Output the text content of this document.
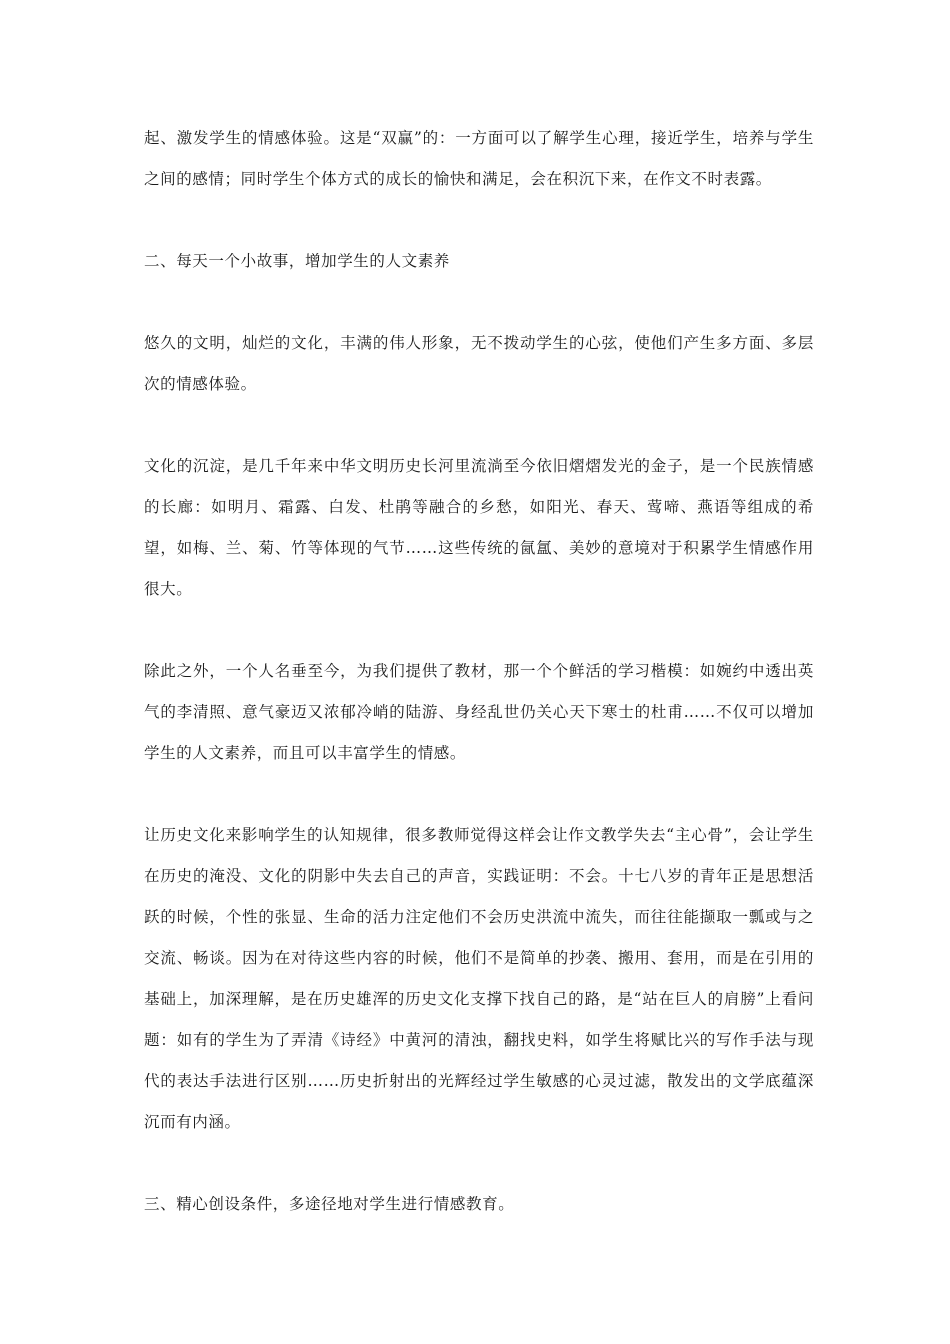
起、激发学生的情感体验。这是“双赢”的：一方面可以了解学生心理，接近学生，培养与学生之间的感情；同时学生个体方式的成长的愉快和满足，会在积沉下来，在作文不时表露。

二、每天一个小故事，增加学生的人文素养

悠久的文明，灿烂的文化，丰满的伟人形象，无不拨动学生的心弦，使他们产生多方面、多层次的情感体验。

文化的沉淀，是几千年来中华文明历史长河里流淌至今依旧熠熠发光的金子，是一个民族情感的长廊：如明月、霜露、白发、杜鹃等融合的乡愁，如阳光、春天、莺啼、燕语等组成的希望，如梅、兰、菊、竹等体现的气节……这些传统的氤氲、美妙的意境对于积累学生情感作用很大。

除此之外，一个人名垂至今，为我们提供了教材，那一个个鲜活的学习楷模：如婉约中透出英气的李清照、意气豪迈又浓郁冷峭的陆游、身经乱世仍关心天下寒士的杜甫……不仅可以增加学生的人文素养，而且可以丰富学生的情感。

让历史文化来影响学生的认知规律，很多教师觉得这样会让作文教学失去“主心骨”，会让学生在历史的淹没、文化的阴影中失去自己的声音，实践证明：不会。十七八岁的青年正是思想活跃的时候，个性的张显、生命的活力注定他们不会历史洪流中流失，而往往能撷取一瓢或与之交流、畅谈。因为在对待这些内容的时候，他们不是简单的抄袭、搬用、套用，而是在引用的基础上，加深理解，是在历史雄浑的历史文化支撑下找自己的路，是“站在巨人的肩膀”上看问题：如有的学生为了弄清《诗经》中黄河的清浊，翻找史料，如学生将赋比兴的写作手法与现代的表达手法进行区别……历史折射出的光辉经过学生敏感的心灵过滤，散发出的文学底蕴深沉而有内涵。

三、精心创设条件，多途径地对学生进行情感教育。
